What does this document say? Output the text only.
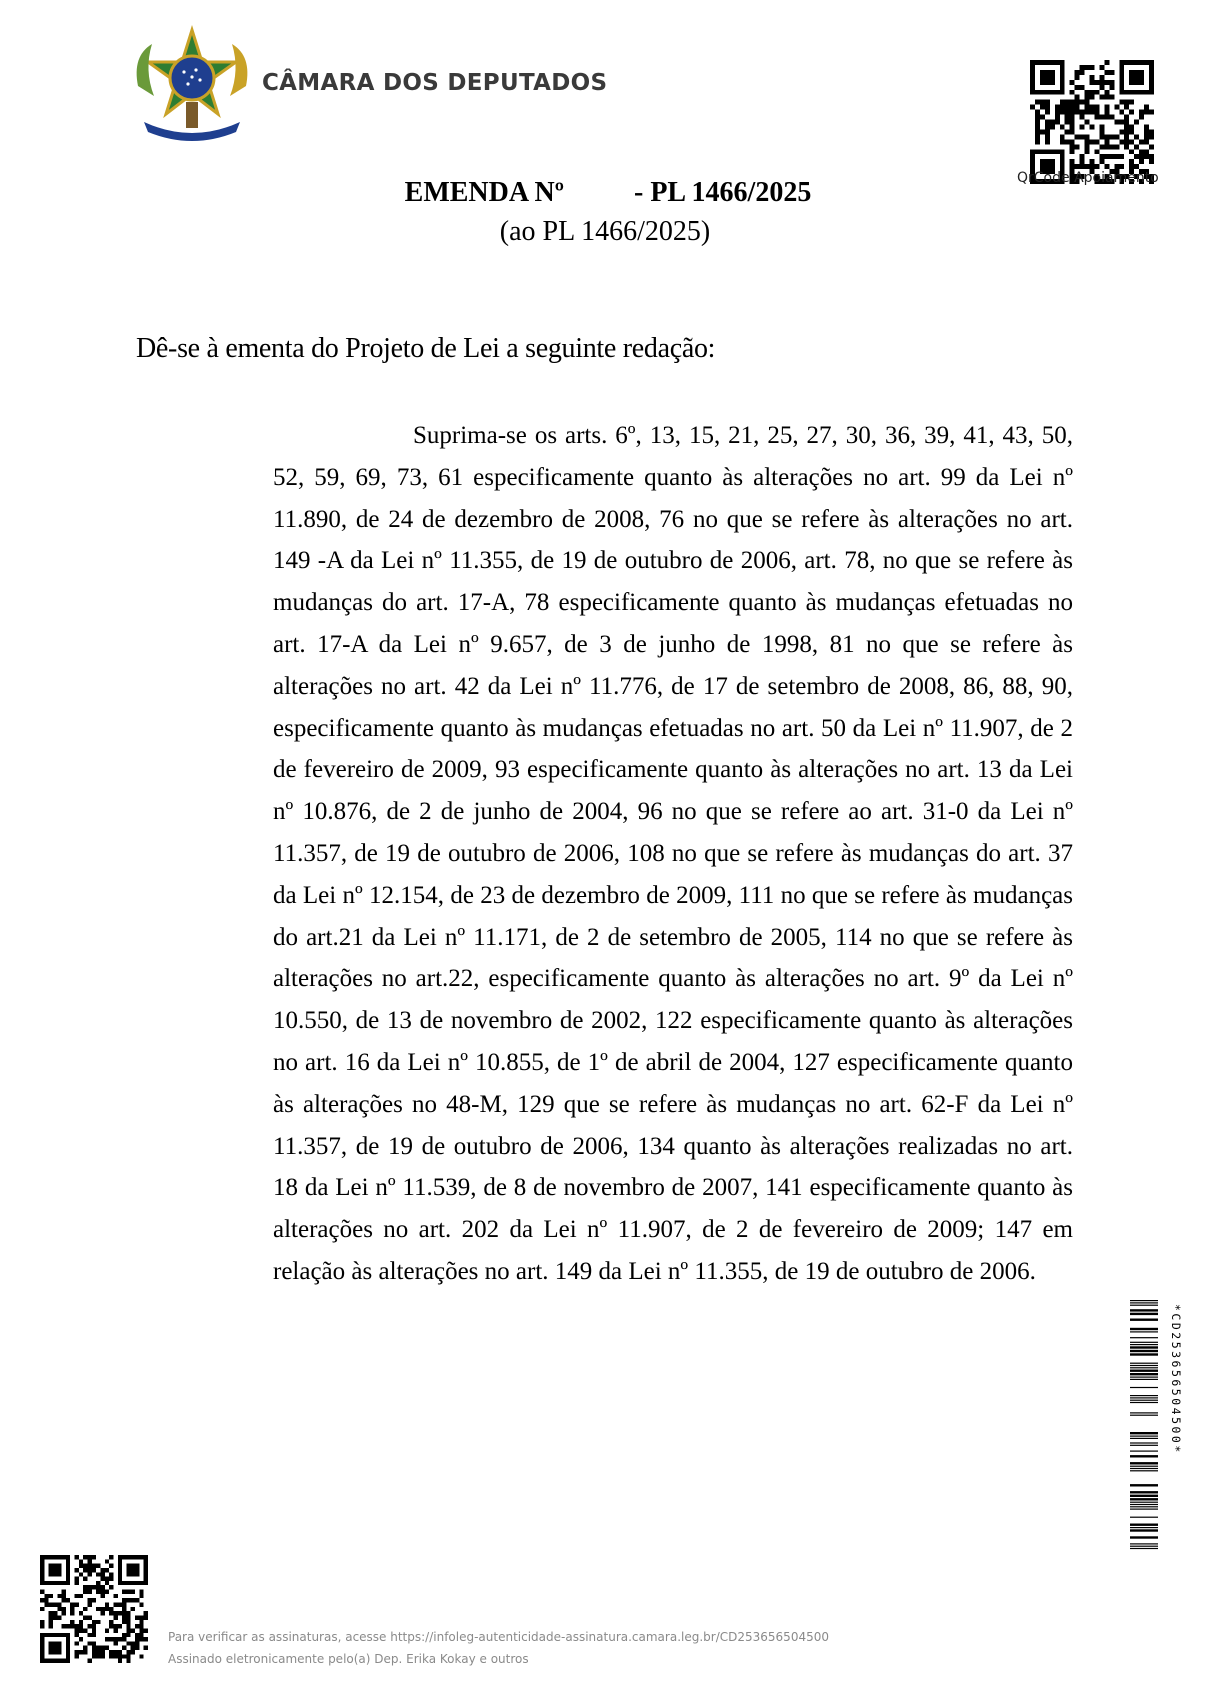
CÂMARA DOS DEPUTADOS
QrCode Apoiamento
EMENDA Nº          - PL 1466/2025
(ao PL 1466/2025)
Dê-se à ementa do Projeto de Lei a seguinte redação:

Suprima-se os arts. 6º, 13, 15, 21, 25, 27, 30, 36, 39, 41, 43, 50, 52, 59, 69, 73, 61 especificamente quanto às alterações no art. 99 da Lei nº 11.890, de 24 de dezembro de 2008, 76 no que se refere às alterações no art. 149 -A da Lei nº 11.355, de 19 de outubro de 2006, art. 78, no que se refere às mudanças do art. 17-A, 78 especificamente quanto às mudanças efetuadas no art. 17-A da Lei nº 9.657, de 3 de junho de 1998, 81 no que se refere às alterações no art. 42 da Lei nº 11.776, de 17 de setembro de 2008, 86, 88, 90, especificamente quanto às mudanças efetuadas no art. 50 da Lei nº 11.907, de 2 de fevereiro de 2009, 93 especificamente quanto às alterações no art. 13 da Lei nº 10.876, de 2 de junho de 2004, 96 no que se refere ao art. 31-0 da Lei nº 11.357, de 19 de outubro de 2006, 108 no que se refere às mudanças do art. 37 da Lei nº 12.154, de 23 de dezembro de 2009, 111 no que se refere às mudanças do art.21 da Lei nº 11.171, de 2 de setembro de 2005, 114 no que se refere às alterações no art.22, especificamente quanto às alterações no art. 9º da Lei nº 10.550, de 13 de novembro de 2002, 122 especificamente quanto às alterações no art. 16 da Lei nº 10.855, de 1º de abril de 2004, 127 especificamente quanto às alterações no 48-M, 129 que se refere às mudanças no art. 62-F da Lei nº 11.357, de 19 de outubro de 2006, 134 quanto às alterações realizadas no art. 18 da Lei nº 11.539, de 8 de novembro de 2007, 141 especificamente quanto às alterações no art. 202 da Lei nº 11.907, de 2 de fevereiro de 2009; 147 em relação às alterações no art. 149 da Lei nº 11.355, de 19 de outubro de 2006.

*CD253656504500*
Para verificar as assinaturas, acesse https://infoleg-autenticidade-assinatura.camara.leg.br/CD253656504500
Assinado eletronicamente pelo(a) Dep. Erika Kokay e outros
